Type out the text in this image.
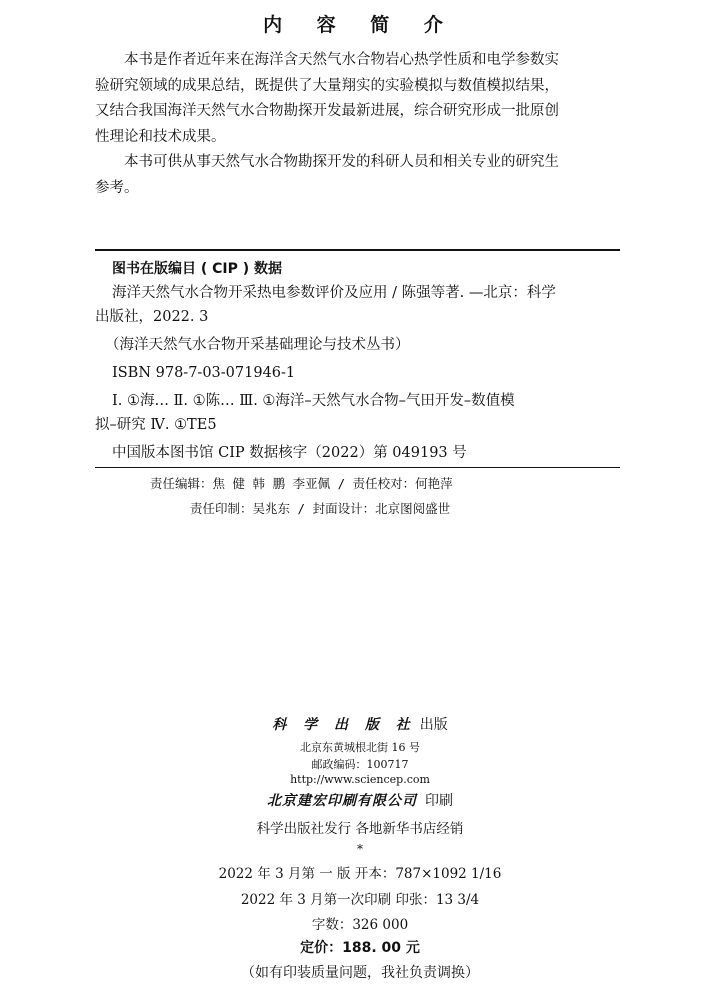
内 容 简 介
本书是作者近年来在海洋含天然气水合物岩心热学性质和电学参数实
验研究领域的成果总结，既提供了大量翔实的实验模拟与数值模拟结果，
又结合我国海洋天然气水合物勘探开发最新进展，综合研究形成一批原创
性理论和技术成果。
本书可供从事天然气水合物勘探开发的科研人员和相关专业的研究生
参考。
图书在版编目 ( CIP ) 数据
海洋天然气水合物开采热电参数评价及应用 / 陈强等著. —北京：科学
出版社，2022. 3
（海洋天然气水合物开采基础理论与技术丛书）
ISBN 978-7-03-071946-1
Ⅰ. ①海… Ⅱ. ①陈… Ⅲ. ①海洋–天然气水合物–气田开发–数值模
拟–研究 Ⅳ. ①TE5
中国版本图书馆 CIP 数据核字（2022）第 049193 号
责任编辑：焦 健 韩 鹏 李亚佩 / 责任校对：何艳萍
责任印制：吴兆东 / 封面设计：北京图阅盛世
科 学 出 版 社 出版
北京东黄城根北街 16 号
邮政编码：100717
http://www.sciencep.com
北京建宏印刷有限公司 印刷
科学出版社发行 各地新华书店经销
*
2022 年 3 月第 一 版 开本：787×1092 1/16
2022 年 3 月第一次印刷 印张：13 3/4
字数：326 000
定价：188. 00 元
（如有印装质量问题，我社负责调换）
